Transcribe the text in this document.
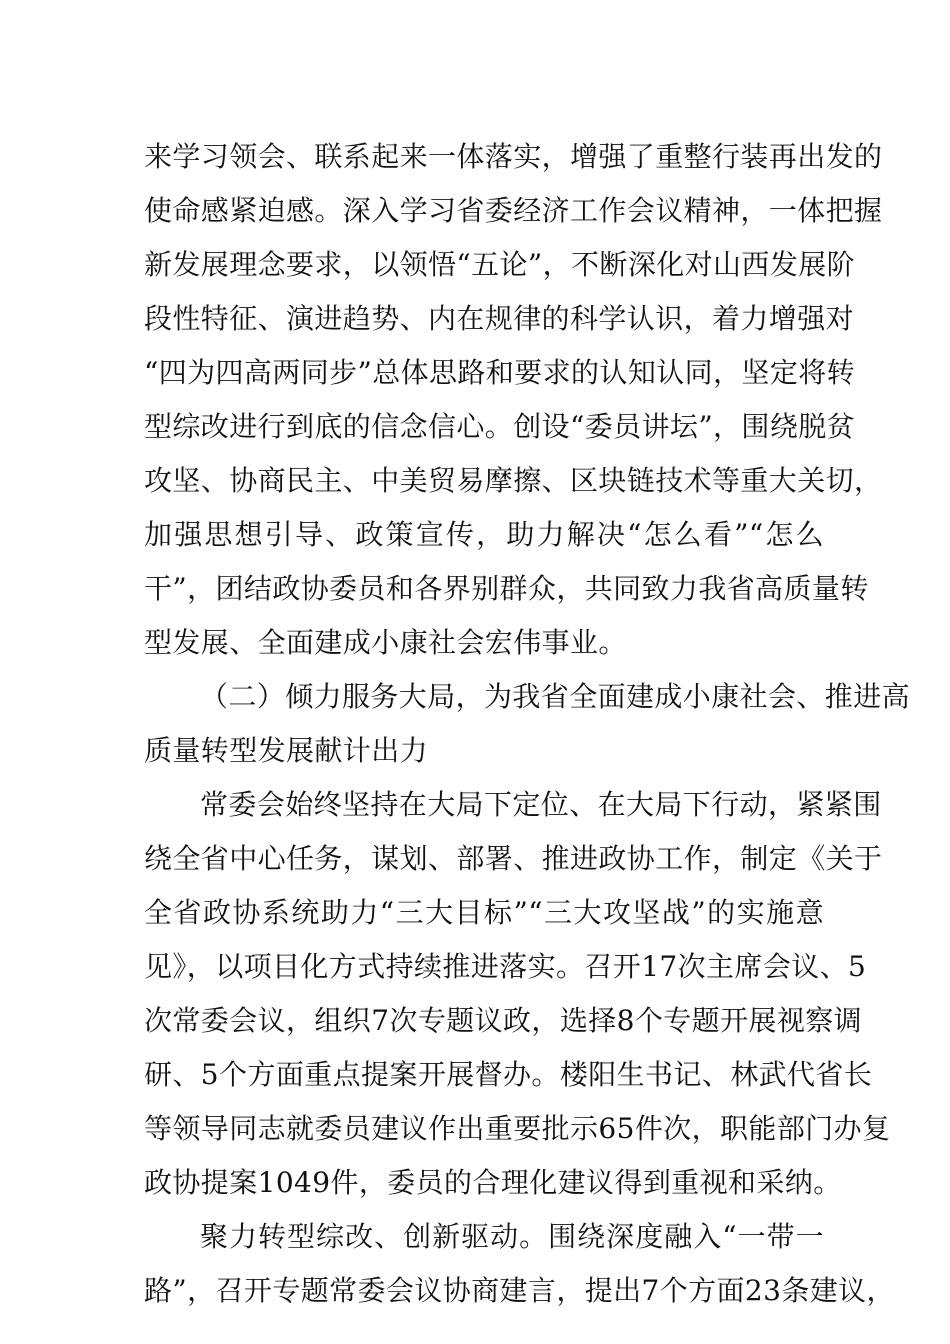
来学习领会、联系起来一体落实，增强了重整行装再出发的
使命感紧迫感。深入学习省委经济工作会议精神，一体把握
新发展理念要求，以领悟“五论”，不断深化对山西发展阶
段性特征、演进趋势、内在规律的科学认识，着力增强对
“四为四高两同步”总体思路和要求的认知认同，坚定将转
型综改进行到底的信念信心。创设“委员讲坛”，围绕脱贫
攻坚、协商民主、中美贸易摩擦、区块链技术等重大关切，
加强思想引导、政策宣传，助力解决“怎么看”“怎么
干”，团结政协委员和各界别群众，共同致力我省高质量转
型发展、全面建成小康社会宏伟事业。
（二）倾力服务大局，为我省全面建成小康社会、推进高
质量转型发展献计出力
常委会始终坚持在大局下定位、在大局下行动，紧紧围
绕全省中心任务，谋划、部署、推进政协工作，制定《关于
全省政协系统助力“三大目标”“三大攻坚战”的实施意
见》，以项目化方式持续推进落实。召开17次主席会议、5
次常委会议，组织7次专题议政，选择8个专题开展视察调
研、5个方面重点提案开展督办。楼阳生书记、林武代省长
等领导同志就委员建议作出重要批示65件次，职能部门办复
政协提案1049件，委员的合理化建议得到重视和采纳。
聚力转型综改、创新驱动。围绕深度融入“一带一
路”，召开专题常委会议协商建言，提出7个方面23条建议，
